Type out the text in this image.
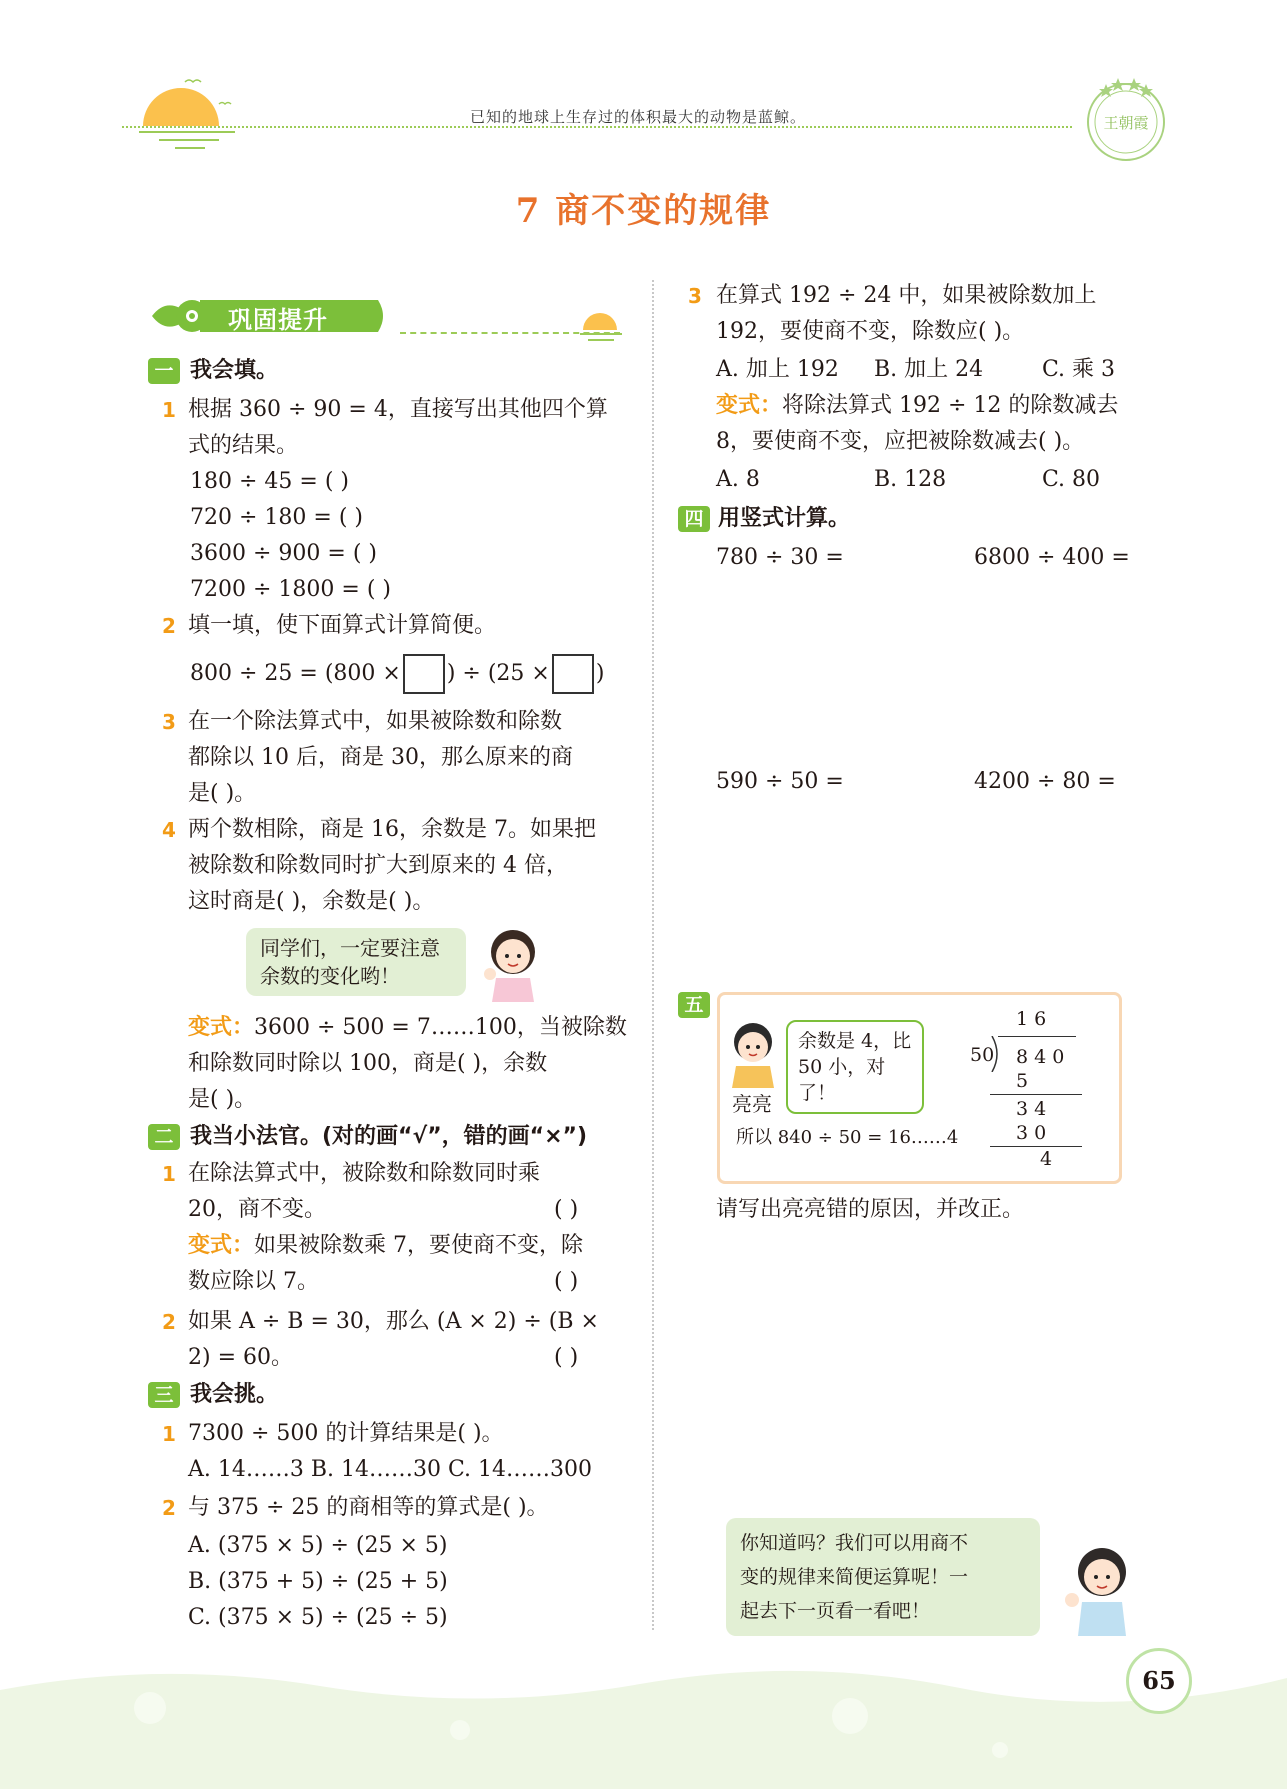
已知的地球上生存过的体积最大的动物是蓝鲸。	王朝霞
7 商不变的规律
巩固提升
一 我会填。
1 根据 360 ÷ 90 = 4，直接写出其他四个算
式的结果。
180 ÷ 45 = ( )
720 ÷ 180 = ( )
3600 ÷ 900 = ( )
7200 ÷ 1800 = ( )
2 填一填，使下面算式计算简便。
800 ÷ 25 = (800 × ) ÷ (25 × )
3 在一个除法算式中，如果被除数和除数
都除以 10 后，商是 30，那么原来的商
是( )。
4 两个数相除，商是 16，余数是 7。如果把
被除数和除数同时扩大到原来的 4 倍，
这时商是( )，余数是( )。
同学们，一定要注意
余数的变化哟！
变式：3600 ÷ 500 = 7……100，当被除数
和除数同时除以 100，商是( )，余数
是( )。
二 我当小法官。(对的画“√”，错的画“×”)
1 在除法算式中，被除数和除数同时乘
20，商不变。	( )
变式：如果被除数乘 7，要使商不变，除
数应除以 7。	( )
2 如果 A ÷ B = 30，那么 (A × 2) ÷ (B ×
2) = 60。	( )
三 我会挑。
1 7300 ÷ 500 的计算结果是( )。
A. 14……3 B. 14……30 C. 14……300
2 与 375 ÷ 25 的商相等的算式是( )。
A. (375 × 5) ÷ (25 × 5)
B. (375 + 5) ÷ (25 + 5)
C. (375 × 5) ÷ (25 ÷ 5)
3 在算式 192 ÷ 24 中，如果被除数加上
192，要使商不变，除数应( )。
A. 加上 192 B. 加上 24	C. 乘 3
变式：将除法算式 192 ÷ 12 的除数减去
8，要使商不变，应把被除数减去( )。
A. 8	B. 128	C. 80
四 用竖式计算。
780 ÷ 30 =	6800 ÷ 400 =
590 ÷ 50 =	4200 ÷ 80 =
五
余数是 4，比
50 小，对了！
亮亮
所以 840 ÷ 50 = 16……4
1 6
50 8 4 0
5
3 4
3 0
4
请写出亮亮错的原因，并改正。
你知道吗？我们可以用商不
变的规律来简便运算呢！一
起去下一页看一看吧！
65
